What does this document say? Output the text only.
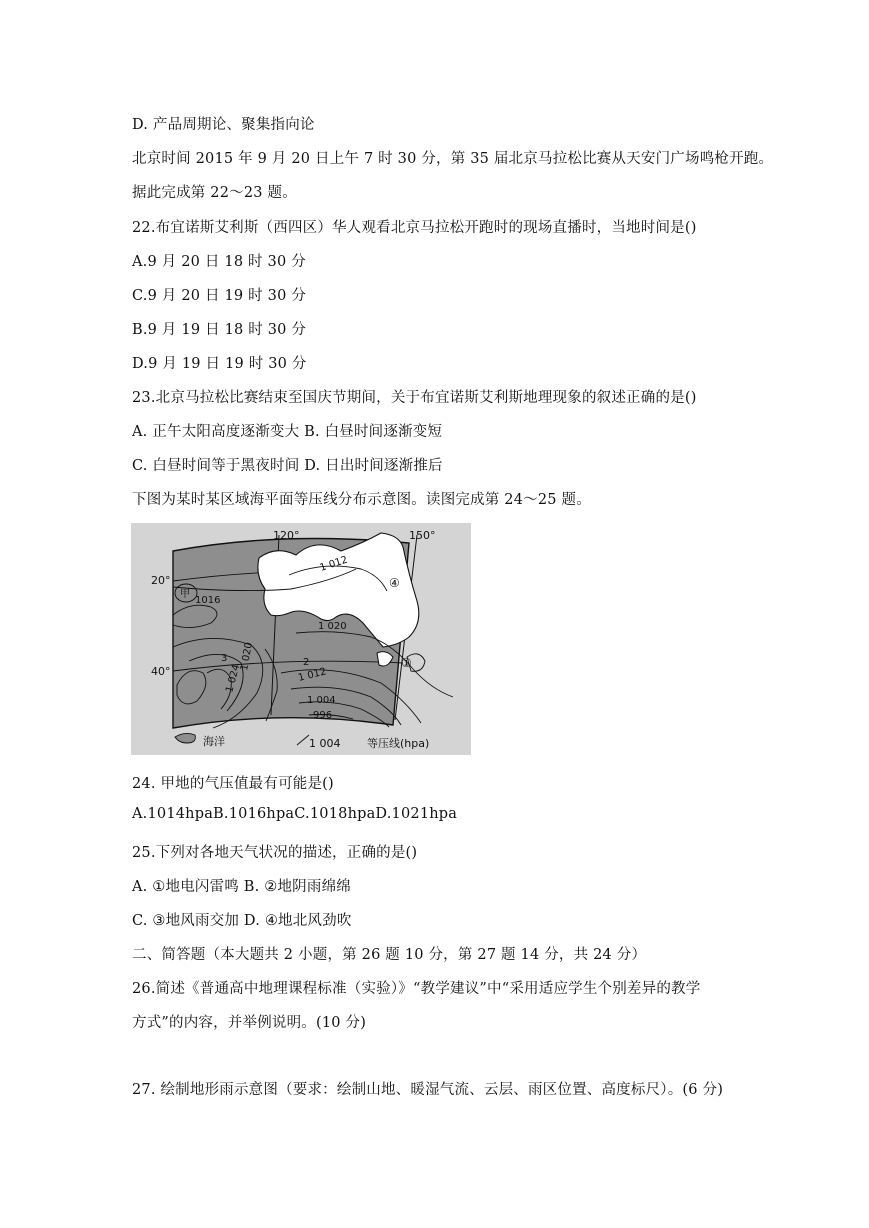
D. 产品周期论、聚集指向论
北京时间 2015 年 9 月 20 日上午 7 时 30 分，第 35 届北京马拉松比赛从天安门广场鸣枪开跑。
据此完成第 22～23 题。
22.布宜诺斯艾利斯（西四区）华人观看北京马拉松开跑时的现场直播时，当地时间是()
A.9 月 20 日 18 时 30 分
C.9 月 20 日 19 时 30 分
B.9 月 19 日 18 时 30 分
D.9 月 19 日 19 时 30 分
23.北京马拉松比赛结束至国庆节期间，关于布宜诺斯艾利斯地理现象的叙述正确的是()
A. 正午太阳高度逐渐变大 B. 白昼时间逐渐变短
C. 白昼时间等于黑夜时间 D. 日出时间逐渐推后
下图为某时某区域海平面等压线分布示意图。读图完成第 24～25 题。
120°	150°
20°
40°
甲
1016
1 012
1 020
1 020
1 012
1 024
1 004
996
①
2
3
④
海洋	1 004 等压线(hpa)
24. 甲地的气压值最有可能是()
A.1014hpaB.1016hpaC.1018hpaD.1021hpa
25.下列对各地天气状况的描述，正确的是()
A. ①地电闪雷鸣 B. ②地阴雨绵绵
C. ③地风雨交加 D. ④地北风劲吹
二、简答题（本大题共 2 小题，第 26 题 10 分，第 27 题 14 分，共 24 分）
26.简述《普通高中地理课程标准（实验）》“教学建议”中“采用适应学生个别差异的教学
方式”的内容，并举例说明。(10 分)
27. 绘制地形雨示意图（要求：绘制山地、暖湿气流、云层、雨区位置、高度标尺）。(6 分)
